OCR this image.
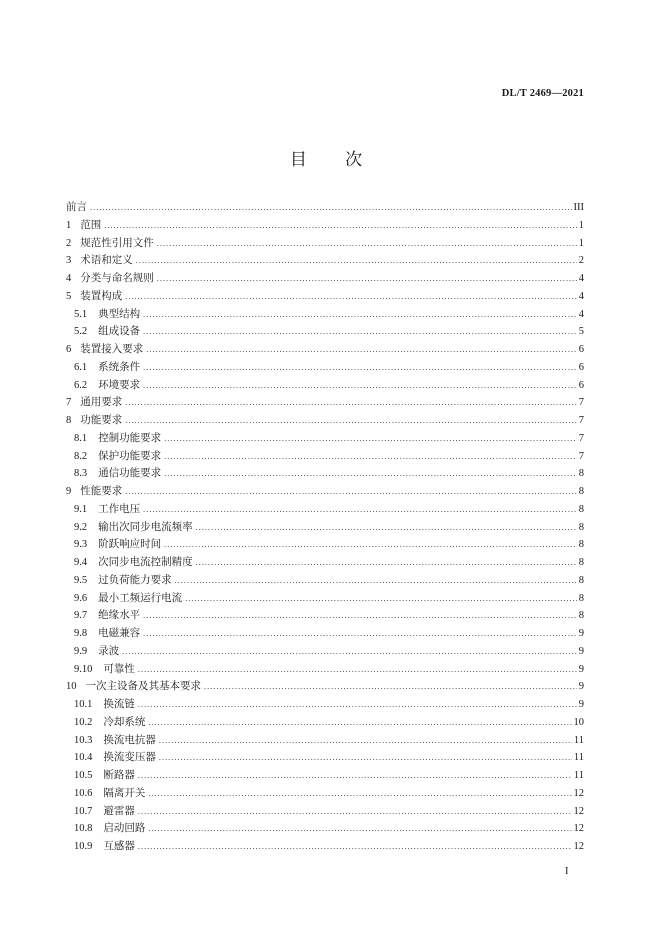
DL/T 2469—2021
目 次
前言 .....	III
1 范围 .....	1
2 规范性引用文件 .....	1
3 术语和定义 .....	2
4 分类与命名规则 .....	4
5 装置构成 .....	4
5.1	典型结构 .....	4
5.2	组成设备 .....	5
6 装置接入要求 .....	6
6.1	系统条件 .....	6
6.2	环境要求 .....	6
7 通用要求 .....	7
8 功能要求 .....	7
8.1	控制功能要求 .....	7
8.2	保护功能要求 .....	7
8.3	通信功能要求 .....	8
9 性能要求 .....	8
9.1	工作电压 .....	8
9.2	输出次同步电流频率 .....	8
9.3	阶跃响应时间 .....	8
9.4	次同步电流控制精度 .....	8
9.5	过负荷能力要求 .....	8
9.6	最小工频运行电流 .....	8
9.7	绝缘水平 .....	8
9.8	电磁兼容 .....	9
9.9	录波 .....	9
9.10	可靠性 .....	9
10 一次主设备及其基本要求 .....	9
10.1	换流链 .....	9
10.2	冷却系统 .....	10
10.3	换流电抗器 .....	11
10.4	换流变压器 .....	11
10.5	断路器 .....	11
10.6	隔离开关 .....	12
10.7	避雷器 .....	12
10.8	启动回路 .....	12
10.9	互感器 .....	12
I
